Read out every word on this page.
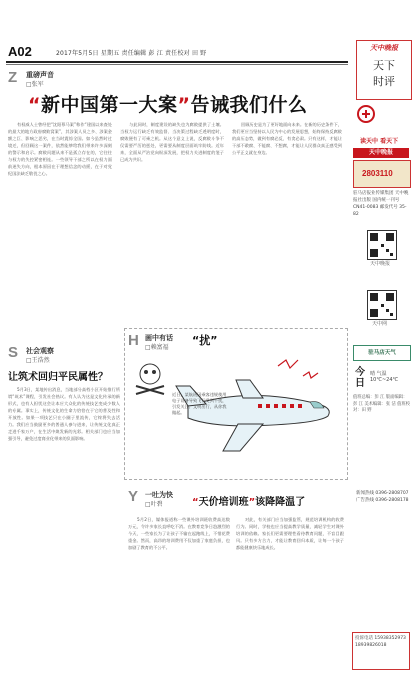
A02	2017年5月5日 星期五 责任编辑 彭 江 责任校对 田 野
天中晚报
天下
时评
Z 重磅声音
□张军
“新中国第一大案”告诫我们什么

有权威人士曾经把“沈阳慕马案”称作“建国以来查处的最大的地方政府腐败窝案”，其涉案人员之多、涉案金额之巨、影响之恶劣，在当时震惊全国。如今虽然时过境迁，但回顾这一案件，依然能够给我们带来许多深刻的警示和启示。腐败问题从来不是孤立存在的，它往往与权力的失控紧密相连。一些领导干部之所以在权力面前迷失方向，根本原因在于理想信念的动摇，在于对党纪国法缺乏敬畏之心。

与此同时，制度建设的缺失也为腐败提供了土壤。当权力运行缺乏有效监督、当决策过程缺乏透明度时，腐败便有了可乘之机。从这个意义上说，反腐败斗争不仅需要严厉的惩处，更需要从制度层面筑牢防线。近年来，全面从严治党向纵深发展，把权力关进制度的笼子已成为共识。

回顾历史是为了更好地面向未来。在新的历史条件下，我们更应当坚持以人民为中心的发展思想，始终保持反腐败的高压态势，做到有腐必反、有贪必肃。只有这样，才能让干部不敢腐、不能腐、不想腐，才能让人民群众真正感受到公平正义就在身边。

S 社会观察
□王浩然
让筑术回归平民属性？

5月3日，某地传出消息，当地部分高档小区开始推行所谓“筑术”课程，引发社会热议。有人认为这是文化传承的新形式，也有人担忧这会让本应大众化的传统技艺变成少数人的专属。事实上，传统文化的生命力恰恰在于它的普及性和开放性。如果一项技艺只在小圈子里流传，它终将失去活力。我们应当鼓励更多的普通人参与进来，让传统文化真正走进千家万户，在生活中焕发新的光彩。相关部门也应当加强引导，避免过度商业化带来的负面影响。

H 画中有话
□赖富福
“扰”
近日，某航班因乘客违规使用电子设备导致飞行受到干扰，引发关注。文明出行，从你我做起。
Y 一吐为快
□叶碧	“天价培训班”该降降温了

5月2日，媒体报道称一些课外培训班收费高达数万元，令许多家长直呼吃不消。在教育竞争日趋激烈的今天，一些家长为了让孩子不输在起跑线上，不惜花费重金。然而，高昂的培训费用不仅加重了家庭负担，也加剧了教育的不公平。

对此，有关部门应当加强监管，规范培训机构的收费行为。同时，学校也应当提高教学质量，减轻学生对课外培训的依赖。家长们更需要理性看待教育问题，不盲目跟风。只有多方合力，才能让教育回归本质，让每一个孩子都能健康快乐地成长。

读天中 看天下
天中晚报
2803110
驻马店报业传媒集团 天中晚报社出版 国内统一刊号 CN41-0083 邮发代号 35-82
天中晚报
天中网
驻马店天气
今
日
晴 气温 10℃~24℃
值班总编：彭 江 版面编辑：彭 江 美术编辑：张 洁 值班校对：田 野
新闻热线 0396-2808707 广告热线 0396-2808178
投诉电话 15938352973 18939826018
